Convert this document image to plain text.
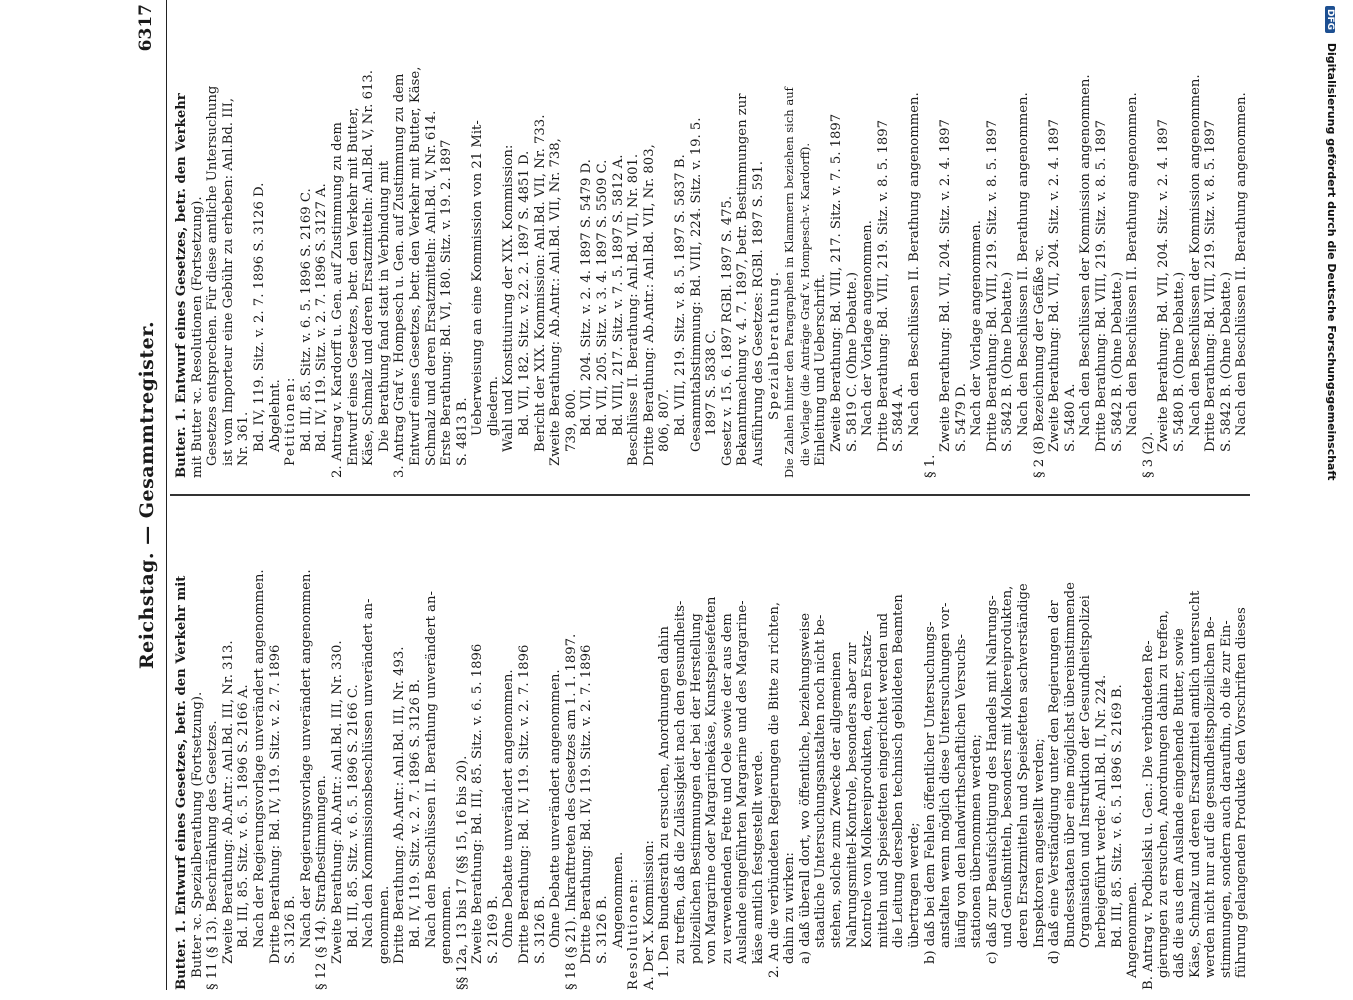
Reichstag. — Gesammtregister.
6317
Butter. 1. Entwurf eines Gesetzes, betr. den Verkehr mit Butter ꝛc. Spezialberathung (Fortsetzung). § 11 (§ 13). Beschränkung des Gesetzes. Zweite Berathung: Ab.Antr.: Anl.Bd. III, Nr. 313. Bd. III, 85. Sitz. v. 6. 5. 1896 S. 2166 A. Nach der Regierungsvorlage unverändert angenommen. Dritte Berathung: Bd. IV, 119. Sitz. v. 2. 7. 1896 S. 3126 B. Nach der Regierungsvorlage unverändert angenommen. § 12 (§ 14). Strafbestimmungen. Zweite Berathung: Ab.Antr.: Anl.Bd. III, Nr. 330. Bd. III, 85. Sitz. v. 6. 5. 1896 S. 2166 C. Nach den Kommissionsbeschlüssen unverändert an- genommen. Dritte Berathung: Ab.Antr.: Anl.Bd. III, Nr. 493. Bd. IV, 119. Sitz. v. 2. 7. 1896 S. 3126 B. Nach den Beschlüssen II. Berathung unverändert an- genommen. §§ 12a, 13 bis 17 (§§ 15, 16 bis 20). Zweite Berathung: Bd. III, 85. Sitz. v. 6. 5. 1896 S. 2169 B. Ohne Debatte unverändert angenommen. Dritte Berathung: Bd. IV, 119. Sitz. v. 2. 7. 1896 S. 3126 B. Ohne Debatte unverändert angenommen. § 18 (§ 21). Inkrafttreten des Gesetzes am 1. 1. 1897. Dritte Berathung: Bd. IV, 119. Sitz. v. 2. 7. 1896 S. 3126 B. Angenommen. Resolutionen: A. Der X. Kommission: 1. Den Bundesrath zu ersuchen, Anordnungen dahin zu treffen, daß die Zulässigkeit nach den gesundheits- polizeilichen Bestimmungen der bei der Herstellung von Margarine oder Margarinekäse, Kunstspeisefetten zu verwendenden Fette und Oele sowie der aus dem Auslande eingeführten Margarine und des Margarine- käse amtlich festgestellt werde. 2. An die verbündeten Regierungen die Bitte zu richten, dahin zu wirken: a) daß überall dort, wo öffentliche, beziehungsweise staatliche Untersuchungsanstalten noch nicht be- stehen, solche zum Zwecke der allgemeinen Nahrungsmittel-Kontrole, besonders aber zur Kontrole von Molkereiprodukten, deren Ersatz- mitteln und Speisefetten eingerichtet werden und die Leitung derselben technisch gebildeten Beamten übertragen werde; b) daß bei dem Fehlen öffentlicher Untersuchungs- anstalten wenn möglich diese Untersuchungen vor- läufig von den landwirthschaftlichen Versuchs- stationen übernommen werden; c) daß zur Beaufsichtigung des Handels mit Nahrungs- und Genußmitteln, besonders mit Molkereiprodukten, deren Ersatzmitteln und Speisefetten sachverständige Inspektoren angestellt werden; d) daß eine Verständigung unter den Regierungen der Bundesstaaten über eine möglichst übereinstimmende Organisation und Instruktion der Gesundheitspolizei herbeigeführt werde: Anl.Bd. II, Nr. 224. Bd. III, 85. Sitz. v. 6. 5. 1896 S. 2169 B. Angenommen. B. Antrag v. Podbielski u. Gen.: Die verbündeten Re- gierungen zu ersuchen, Anordnungen dahin zu treffen, daß die aus dem Auslande eingehende Butter, sowie Käse, Schmalz und deren Ersatzmittel amtlich untersucht werden nicht nur auf die gesundheitspolizeilichen Be- stimmungen, sondern auch daraufhin, ob die zur Ein- führung gelangenden Produkte den Vorschriften dieses
Butter. 1. Entwurf eines Gesetzes, betr. den Verkehr mit Butter ꝛc. Resolutionen (Fortsetzung). Gesetzes entsprechen. Für diese amtliche Untersuchung ist vom Importeur eine Gebühr zu erheben: Anl.Bd. III, Nr. 361. Bd. IV, 119. Sitz. v. 2. 7. 1896 S. 3126 D. Abgelehnt. Petitionen: Bd. III, 85. Sitz. v. 6. 5. 1896 S. 2169 C. Bd. IV, 119. Sitz. v. 2. 7. 1896 S. 3127 A. 2. Antrag v. Kardorff u. Gen. auf Zustimmung zu dem Entwurf eines Gesetzes, betr. den Verkehr mit Butter, Käse, Schmalz und deren Ersatzmitteln: Anl.Bd. V, Nr. 613. Die Berathung fand statt in Verbindung mit 3. Antrag Graf v. Hompesch u. Gen. auf Zustimmung zu dem Entwurf eines Gesetzes, betr. den Verkehr mit Butter, Käse, Schmalz und deren Ersatzmitteln: Anl.Bd. V, Nr. 614. Erste Berathung: Bd. VI, 180. Sitz. v. 19. 2. 1897 S. 4813 B. Ueberweisung an eine Kommission von 21 Mit- gliedern. Wahl und Konstituirung der XIX. Kommission: Bd. VII, 182. Sitz. v. 22. 2. 1897 S. 4851 D. Bericht der XIX. Kommission: Anl.Bd. VII, Nr. 733. Zweite Berathung: Ab.Antr.: Anl.Bd. VII, Nr. 738, 739, 800. Bd. VII, 204. Sitz. v. 2. 4. 1897 S. 5479 D. Bd. VII, 205. Sitz. v. 3. 4. 1897 S. 5509 C. Bd. VIII, 217. Sitz. v. 7. 5. 1897 S. 5812 A. Beschlüsse II. Berathung: Anl.Bd. VII, Nr. 801. Dritte Berathung: Ab.Antr.: Anl.Bd. VII, Nr. 803, 806, 807. Bd. VIII, 219. Sitz. v. 8. 5. 1897 S. 5837 B. Gesammtabstimmung: Bd. VIII, 224. Sitz. v. 19. 5. 1897 S. 5838 C. Gesetz v. 15. 6. 1897 RGBl. 1897 S. 475. Bekanntmachung v. 4. 7. 1897, betr. Bestimmungen zur Ausführung des Gesetzes: RGBl. 1897 S. 591. Spezialberathung. Die Zahlen hinter den Paragraphen in Klammern beziehen sich auf die Vorlage (die Anträge Graf v. Hompesch-v. Kardorff). Einleitung und Ueberschrift. Zweite Berathung: Bd. VIII, 217. Sitz. v. 7. 5. 1897 S. 5819 C. (Ohne Debatte.) Nach der Vorlage angenommen. Dritte Berathung: Bd. VIII, 219. Sitz. v. 8. 5. 1897 S. 5844 A. Nach den Beschlüssen II. Berathung angenommen.
§ 1.
Zweite Berathung: Bd. VII, 204. Sitz. v. 2. 4. 1897 S. 5479 D. Nach der Vorlage angenommen. Dritte Berathung: Bd. VIII, 219. Sitz. v. 8. 5. 1897 S. 5842 B. (Ohne Debatte.) Nach den Beschlüssen II. Berathung angenommen. § 2 (8) Bezeichnung der Gefäße ꝛc. Zweite Berathung: Bd. VII, 204. Sitz. v. 2. 4. 1897 S. 5480 A. Nach den Beschlüssen der Kommission angenommen. Dritte Berathung: Bd. VIII, 219. Sitz. v. 8. 5. 1897 S. 5842 B. (Ohne Debatte.) Nach den Beschlüssen II. Berathung angenommen.
§ 3 (2).
Zweite Berathung: Bd. VII, 204. Sitz. v. 2. 4. 1897 S. 5480 B. (Ohne Debatte.) Nach den Beschlüssen der Kommission angenommen. Dritte Berathung: Bd. VIII, 219. Sitz. v. 8. 5. 1897 S. 5842 B. (Ohne Debatte.) Nach den Beschlüssen II. Berathung angenommen.
DFG Digitalisierung gefördert durch die Deutsche Forschungsgemeinschaft
